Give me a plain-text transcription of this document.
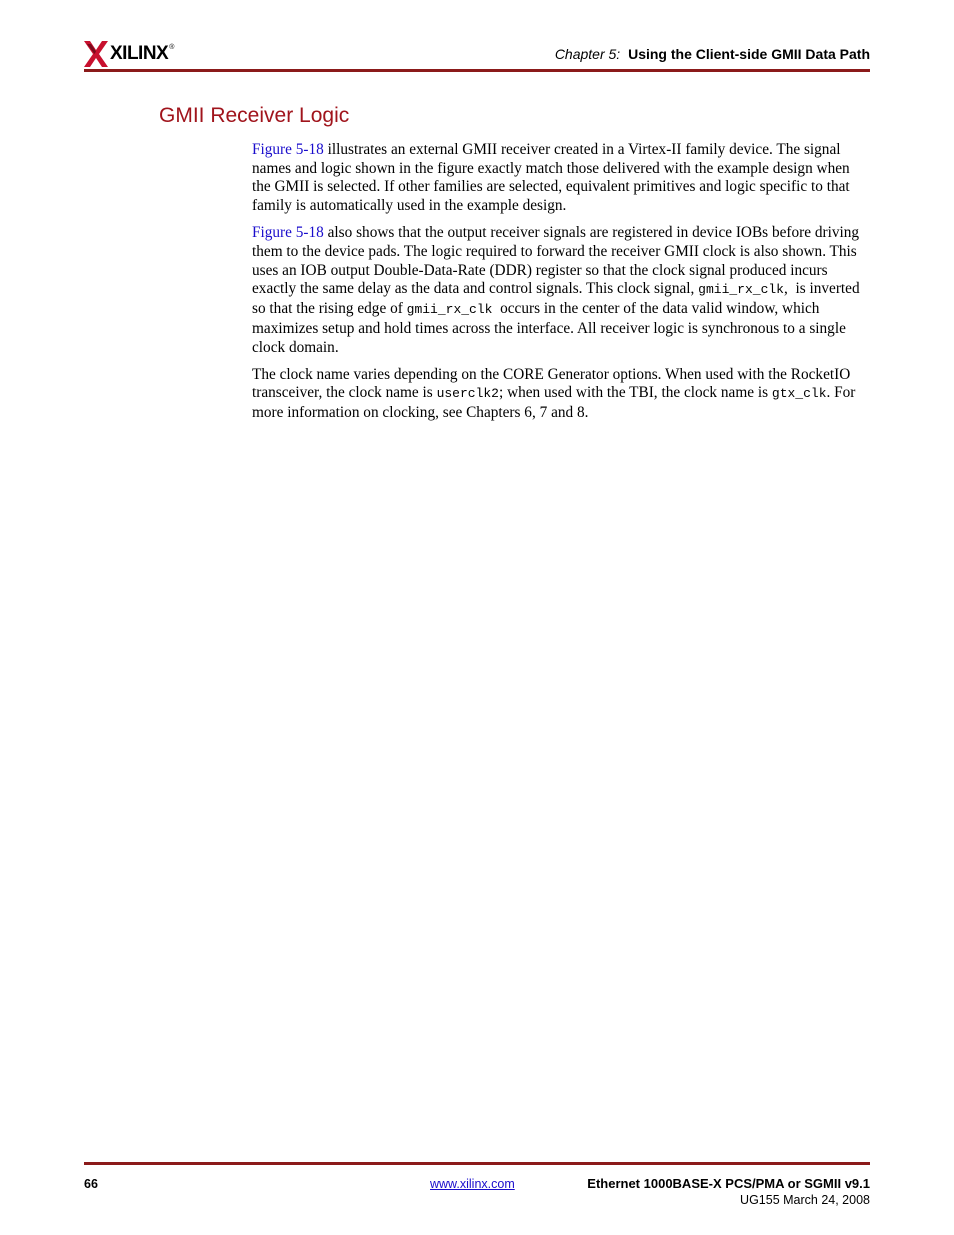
XILINX ®	Chapter 5: Using the Client-side GMII Data Path
GMII Receiver Logic

Figure 5-18 illustrates an external GMII receiver created in a Virtex-II family device. The signal names and logic shown in the figure exactly match those delivered with the example design when the GMII is selected. If other families are selected, equivalent primitives and logic specific to that family is automatically used in the example design.

Figure 5-18 also shows that the output receiver signals are registered in device IOBs before driving them to the device pads. The logic required to forward the receiver GMII clock is also shown. This uses an IOB output Double-Data-Rate (DDR) register so that the clock signal produced incurs exactly the same delay as the data and control signals. This clock signal, gmii_rx_clk,  is inverted so that the rising edge of gmii_rx_clk  occurs in the center of the data valid window, which maximizes setup and hold times across the interface. All receiver logic is synchronous to a single clock domain.

The clock name varies depending on the CORE Generator options. When used with the RocketIO transceiver, the clock name is userclk2; when used with the TBI, the clock name is gtx_clk. For more information on clocking, see Chapters 6, 7 and 8.

66	www.xilinx.com	Ethernet 1000BASE-X PCS/PMA or SGMII v9.1
UG155 March 24, 2008
